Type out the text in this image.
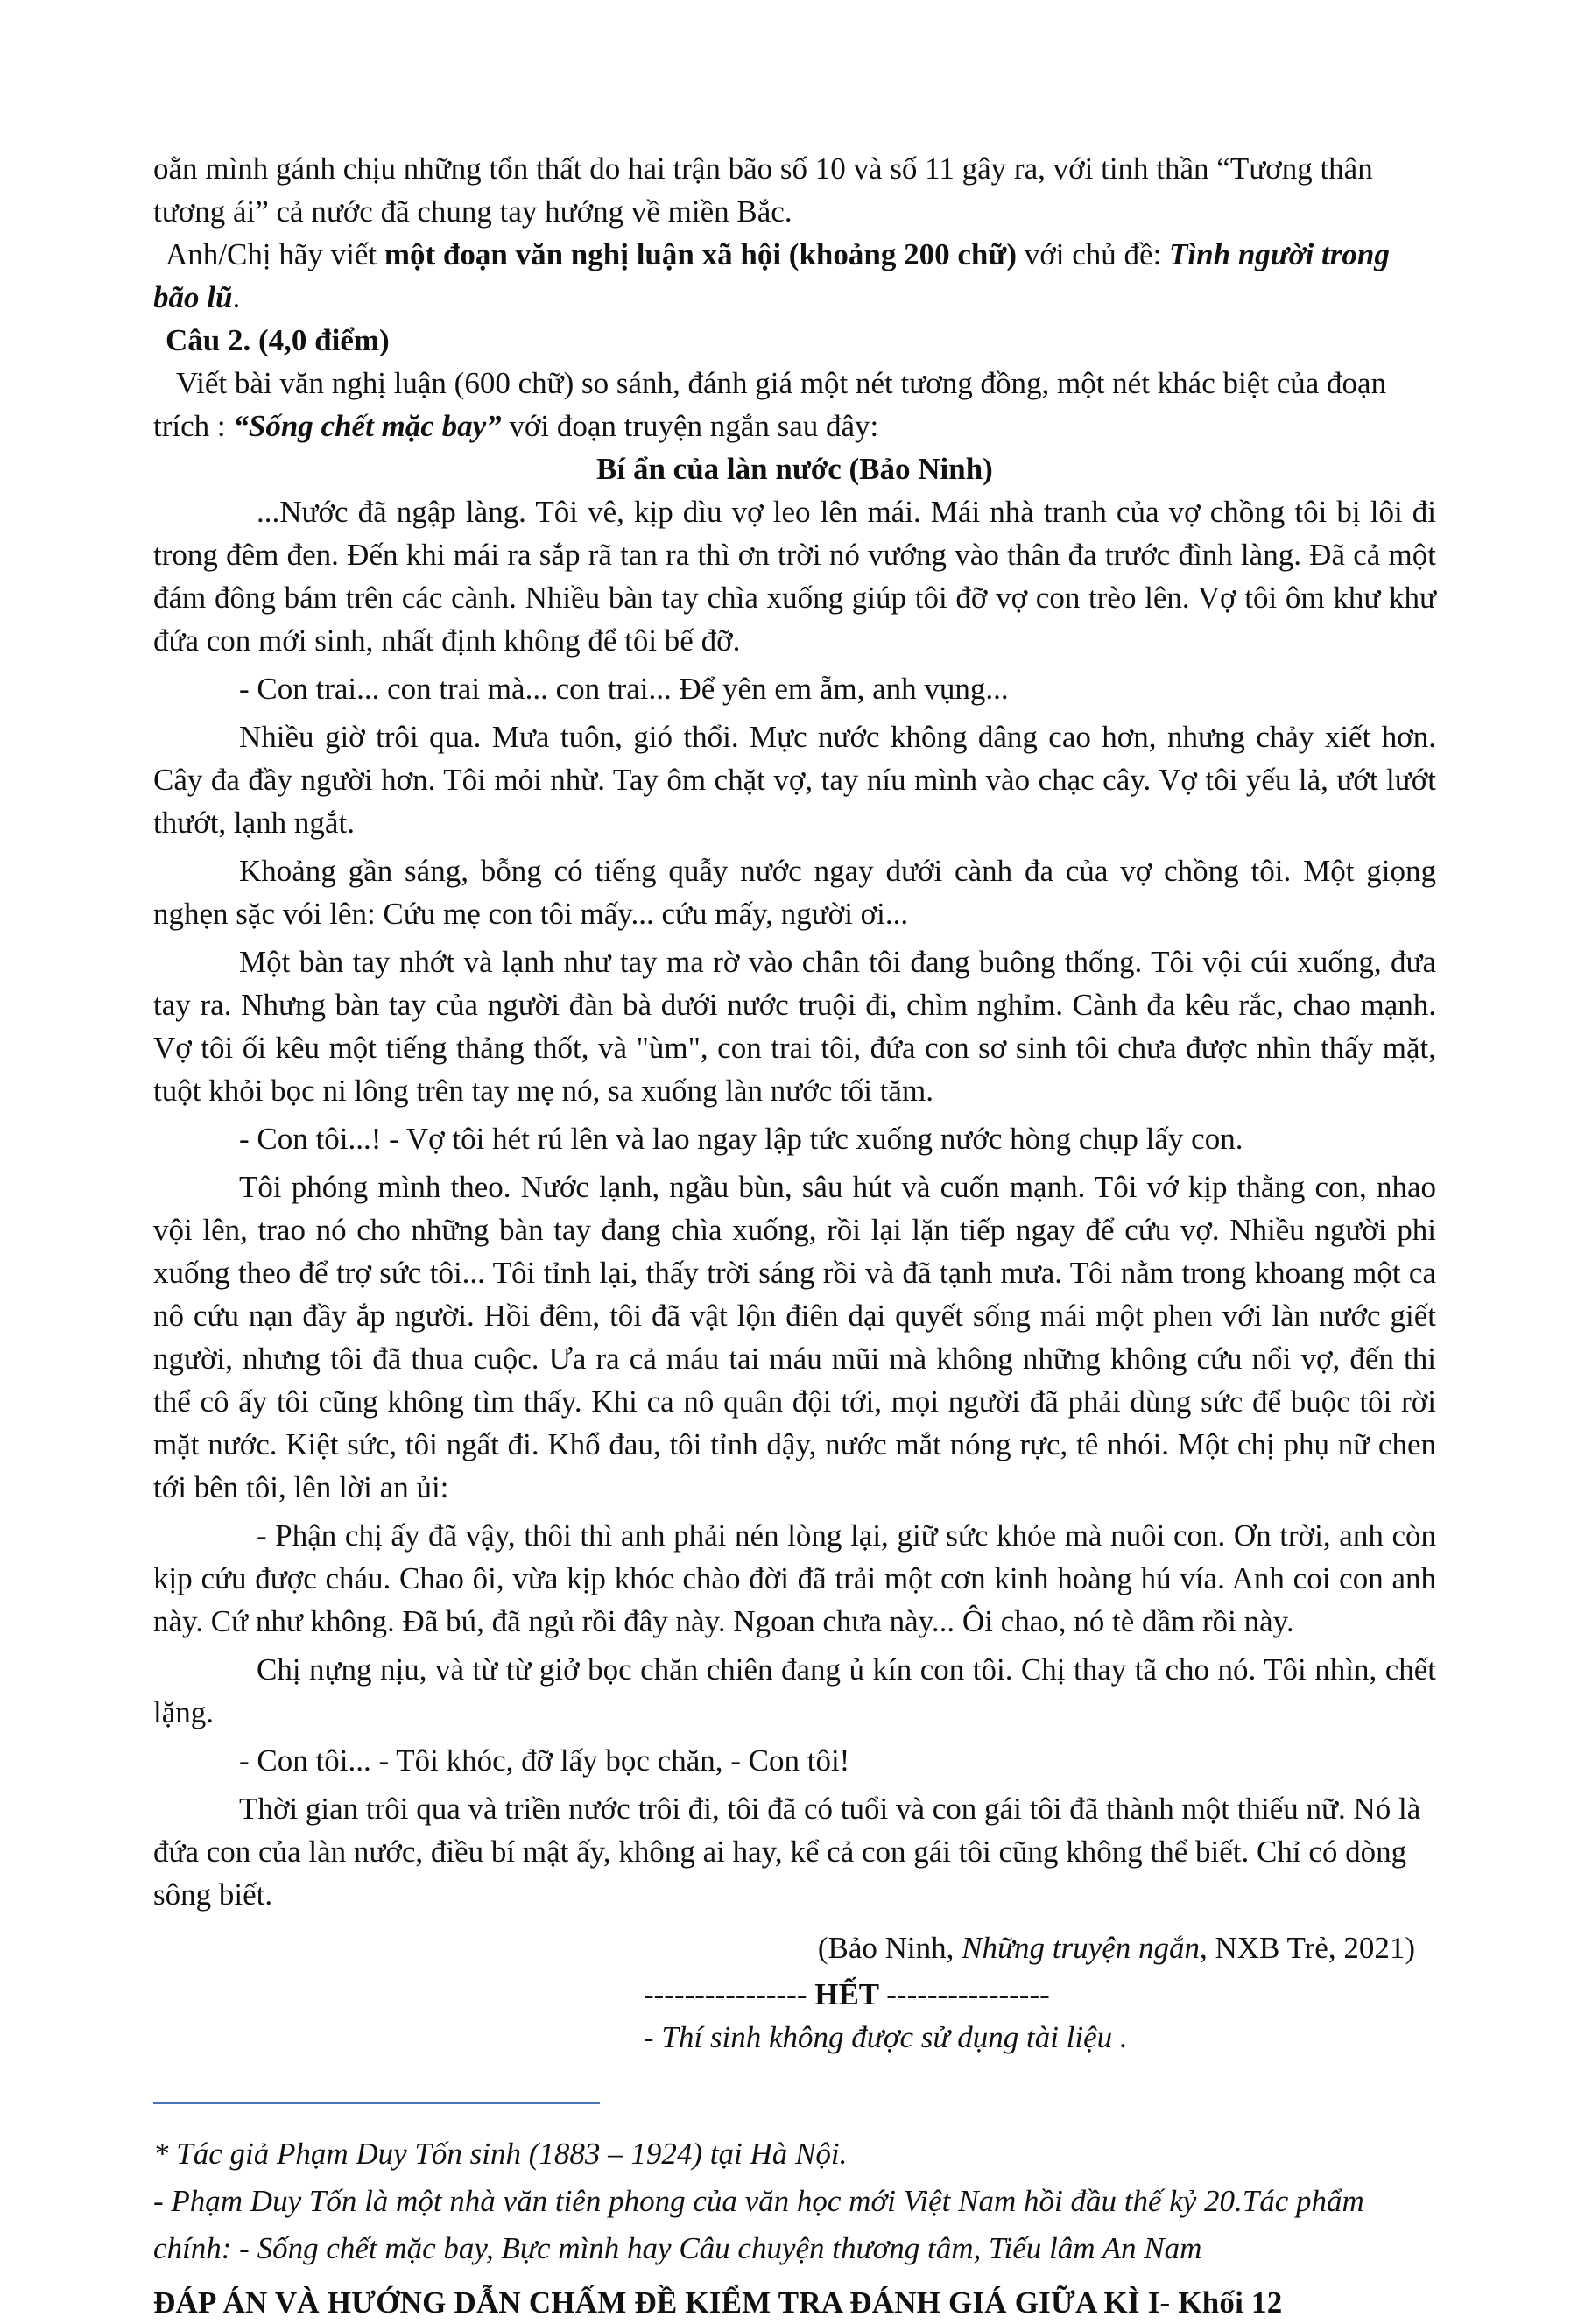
oằn mình gánh chịu những tổn thất do hai trận bão số 10 và số 11 gây ra, với tinh thần “Tương thân tương ái” cả nước đã chung tay hướng về miền Bắc.

Anh/Chị hãy viết một đoạn văn nghị luận xã hội (khoảng 200 chữ) với chủ đề: Tình người trong bão lũ.

Câu 2. (4,0 điểm)

Viết bài văn nghị luận (600 chữ) so sánh, đánh giá một nét tương đồng, một nét khác biệt của đoạn trích : “Sống chết mặc bay” với đoạn truyện ngắn sau đây:

Bí ẩn của làn nước (Bảo Ninh)

...Nước đã ngập làng. Tôi vê, kịp dìu vợ leo lên mái. Mái nhà tranh của vợ chồng tôi bị lôi đi trong đêm đen. Đến khi mái ra sắp rã tan ra thì ơn trời nó vướng vào thân đa trước đình làng. Đã cả một đám đông bám trên các cành. Nhiều bàn tay chìa xuống giúp tôi đỡ vợ con trèo lên. Vợ tôi ôm khư khư đứa con mới sinh, nhất định không để tôi bế đỡ.

- Con trai... con trai mà... con trai... Để yên em ẵm, anh vụng...

Nhiều giờ trôi qua. Mưa tuôn, gió thổi. Mực nước không dâng cao hơn, nhưng chảy xiết hơn. Cây đa đầy người hơn. Tôi mỏi nhừ. Tay ôm chặt vợ, tay níu mình vào chạc cây. Vợ tôi yếu lả, ướt lướt thướt, lạnh ngắt.

Khoảng gần sáng, bỗng có tiếng quẫy nước ngay dưới cành đa của vợ chồng tôi. Một giọng nghẹn sặc vói lên: Cứu mẹ con tôi mấy... cứu mấy, người ơi...

Một bàn tay nhớt và lạnh như tay ma rờ vào chân tôi đang buông thống. Tôi vội cúi xuống, đưa tay ra. Nhưng bàn tay của người đàn bà dưới nước truội đi, chìm nghỉm. Cành đa kêu rắc, chao mạnh. Vợ tôi ối kêu một tiếng thảng thốt, và "ùm", con trai tôi, đứa con sơ sinh tôi chưa được nhìn thấy mặt, tuột khỏi bọc ni lông trên tay mẹ nó, sa xuống làn nước tối tăm.

- Con tôi...! - Vợ tôi hét rú lên và lao ngay lập tức xuống nước hòng chụp lấy con.

Tôi phóng mình theo. Nước lạnh, ngầu bùn, sâu hút và cuốn mạnh. Tôi vớ kịp thằng con, nhao vội lên, trao nó cho những bàn tay đang chìa xuống, rồi lại lặn tiếp ngay để cứu vợ. Nhiều người phi xuống theo để trợ sức tôi... Tôi tỉnh lại, thấy trời sáng rồi và đã tạnh mưa. Tôi nằm trong khoang một ca nô cứu nạn đầy ắp người. Hồi đêm, tôi đã vật lộn điên dại quyết sống mái một phen với làn nước giết người, nhưng tôi đã thua cuộc. Ưa ra cả máu tai máu mũi mà không những không cứu nổi vợ, đến thi thể cô ấy tôi cũng không tìm thấy. Khi ca nô quân đội tới, mọi người đã phải dùng sức để buộc tôi rời mặt nước. Kiệt sức, tôi ngất đi. Khổ đau, tôi tỉnh dậy, nước mắt nóng rực, tê nhói. Một chị phụ nữ chen tới bên tôi, lên lời an ủi:

- Phận chị ấy đã vậy, thôi thì anh phải nén lòng lại, giữ sức khỏe mà nuôi con. Ơn trời, anh còn kịp cứu được cháu. Chao ôi, vừa kịp khóc chào đời đã trải một cơn kinh hoàng hú vía. Anh coi con anh này. Cứ như không. Đã bú, đã ngủ rồi đây này. Ngoan chưa này... Ôi chao, nó tè dầm rồi này.

Chị nựng nịu, và từ từ giở bọc chăn chiên đang ủ kín con tôi. Chị thay tã cho nó. Tôi nhìn, chết lặng.

- Con tôi... - Tôi khóc, đỡ lấy bọc chăn, - Con tôi!

Thời gian trôi qua và triền nước trôi đi, tôi đã có tuổi và con gái tôi đã thành một thiếu nữ. Nó là đứa con của làn nước, điều bí mật ấy, không ai hay, kể cả con gái tôi cũng không thể biết. Chỉ có dòng sông biết.

(Bảo Ninh, Những truyện ngắn, NXB Trẻ, 2021)

---------------- HẾT ----------------

- Thí sinh không được sử dụng tài liệu .

* Tác giả Phạm Duy Tốn sinh (1883 – 1924) tại Hà Nội.

- Phạm Duy Tốn là một nhà văn tiên phong của văn học mới Việt Nam hồi đầu thế kỷ 20.Tác phẩm chính: - Sống chết mặc bay, Bực mình hay Câu chuyện thương tâm, Tiếu lâm An Nam

ĐÁP ÁN VÀ HƯỚNG DẪN CHẤM ĐỀ KIỂM TRA ĐÁNH GIÁ GIỮA KÌ I- Khối 12
